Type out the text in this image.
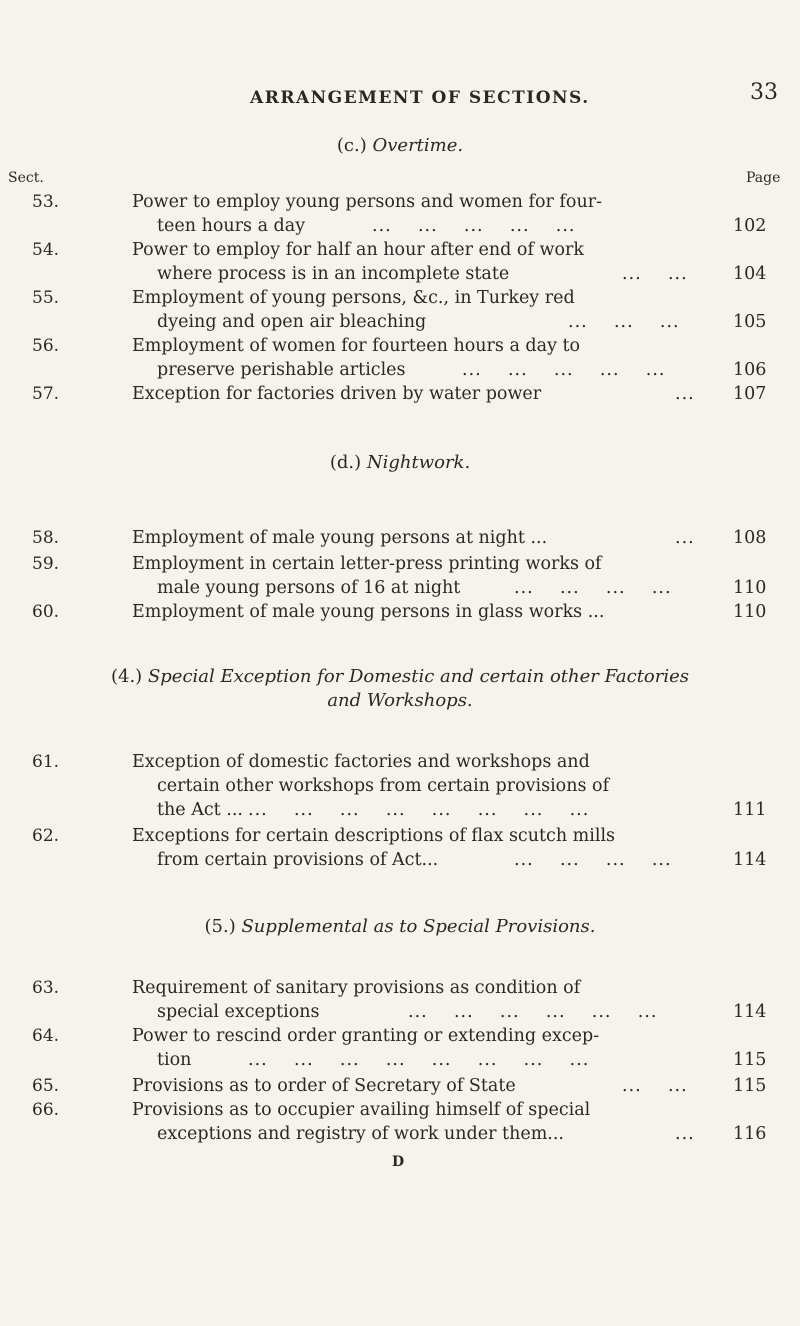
ARRANGEMENT OF SECTIONS.	33
(c.) Overtime.
Sect.	Page
53.	Power to employ young persons and women for four-
teen hours a day	...    ...    ...    ...    ...	102
54.	Power to employ for half an hour after end of work
where process is in an incomplete state	...    ...	104
55.	Employment of young persons, &c., in Turkey red
dyeing and open air bleaching	...    ...    ...	105
56.	Employment of women for fourteen hours a day to
preserve perishable articles	...    ...    ...    ...    ...	106
57.	Exception for factories driven by water power	... 107
(d.) Nightwork.
58.	Employment of male young persons at night ...	... 108
59.	Employment in certain letter-press printing works of
male young persons of 16 at night	...    ...    ...    ...	110
60.	Employment of male young persons in glass works ...	110
(4.) Special Exception for Domestic and certain other Factories
and Workshops.
61.	Exception of domestic factories and workshops and
certain other workshops from certain provisions of
the Act ... ...    ...    ...    ...    ...    ...    ...    ...	111
62.	Exceptions for certain descriptions of flax scutch mills
from certain provisions of Act...	...    ...    ...    ...	114
(5.) Supplemental as to Special Provisions.
63.	Requirement of sanitary provisions as condition of
special exceptions	...    ...    ...    ...    ...    ...	114
64.	Power to rescind order granting or extending excep-
tion	...    ...    ...    ...    ...    ...    ...    ...	115
65.	Provisions as to order of Secretary of State	...    ...	115
66.	Provisions as to occupier availing himself of special
exceptions and registry of work under them...	... 116
D
